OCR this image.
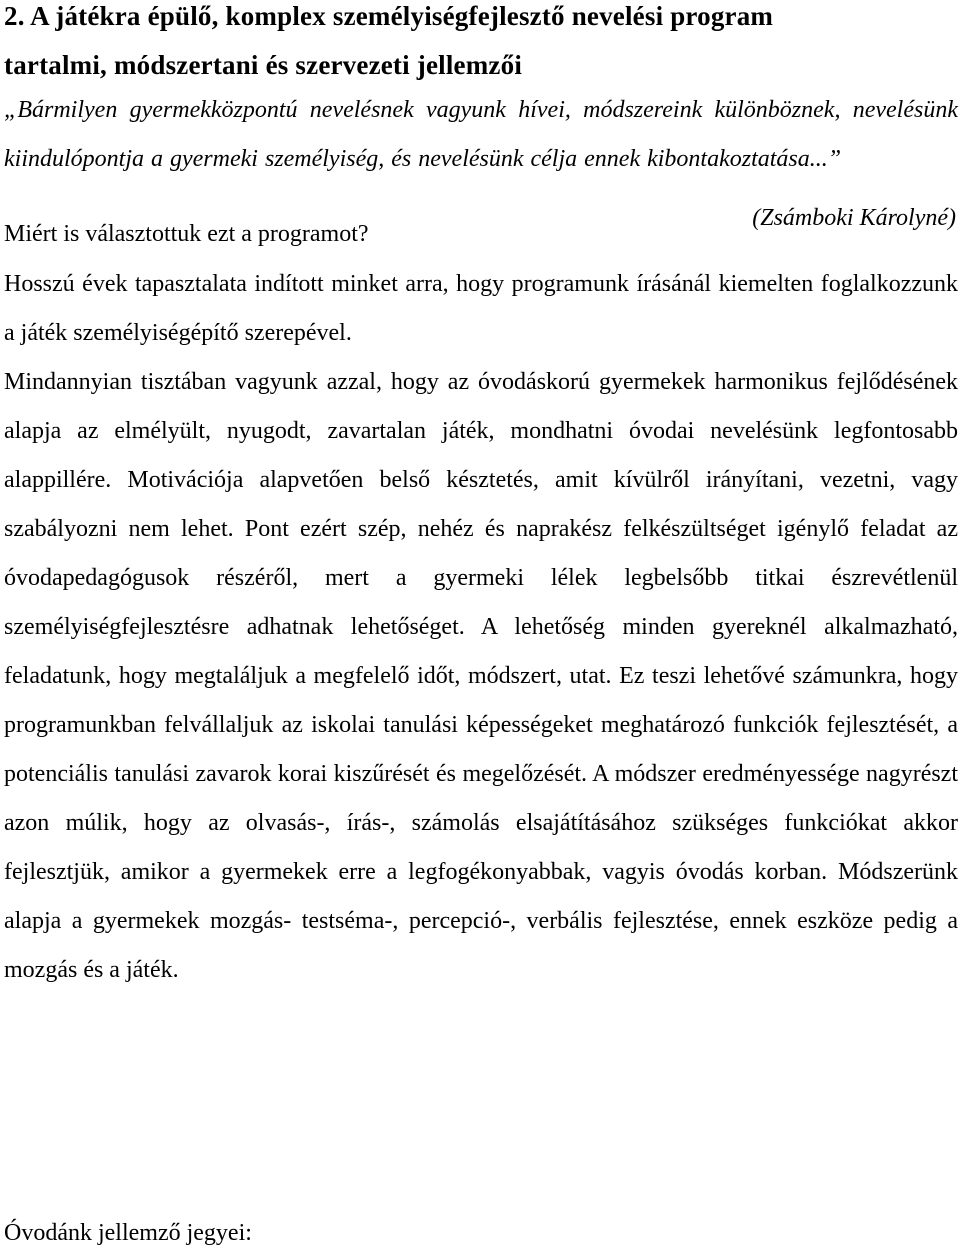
2. A játékra épülő, komplex személyiségfejlesztő nevelési program
tartalmi, módszertani és szervezeti jellemzői

„Bármilyen gyermekközpontú nevelésnek vagyunk hívei, módszereink különböznek, nevelésünk kiindulópontja a gyermeki személyiség, és nevelésünk célja ennek kibontakoztatása...”

(Zsámboki Károlyné)
Miért is választottuk ezt a programot?

Hosszú évek tapasztalata indított minket arra, hogy programunk írásánál kiemelten foglalkozzunk a játék személyiségépítő szerepével.

Mindannyian tisztában vagyunk azzal, hogy az óvodáskorú gyermekek harmonikus fejlődésének alapja az elmélyült, nyugodt, zavartalan játék, mondhatni óvodai nevelésünk legfontosabb alappillére. Motivációja alapvetően belső késztetés, amit kívülről irányítani, vezetni, vagy szabályozni nem lehet. Pont ezért szép, nehéz és naprakész felkészültséget igénylő feladat az óvodapedagógusok részéről, mert a gyermeki lélek legbelsőbb titkai észrevétlenül személyiségfejlesztésre adhatnak lehetőséget. A lehetőség minden gyereknél alkalmazható, feladatunk, hogy megtaláljuk a megfelelő időt, módszert, utat. Ez teszi lehetővé számunkra, hogy programunkban felvállaljuk az iskolai tanulási képességeket meghatározó funkciók fejlesztését, a potenciális tanulási zavarok korai kiszűrését és megelőzését. A módszer eredményessége nagyrészt azon múlik, hogy az olvasás-, írás-, számolás elsajátításához szükséges funkciókat akkor fejlesztjük, amikor a gyermekek erre a legfogékonyabbak, vagyis óvodás korban. Módszerünk alapja a gyermekek mozgás- testséma-, percepció-, verbális fejlesztése, ennek eszköze pedig a mozgás és a játék.

Óvodánk jellemző jegyei:
